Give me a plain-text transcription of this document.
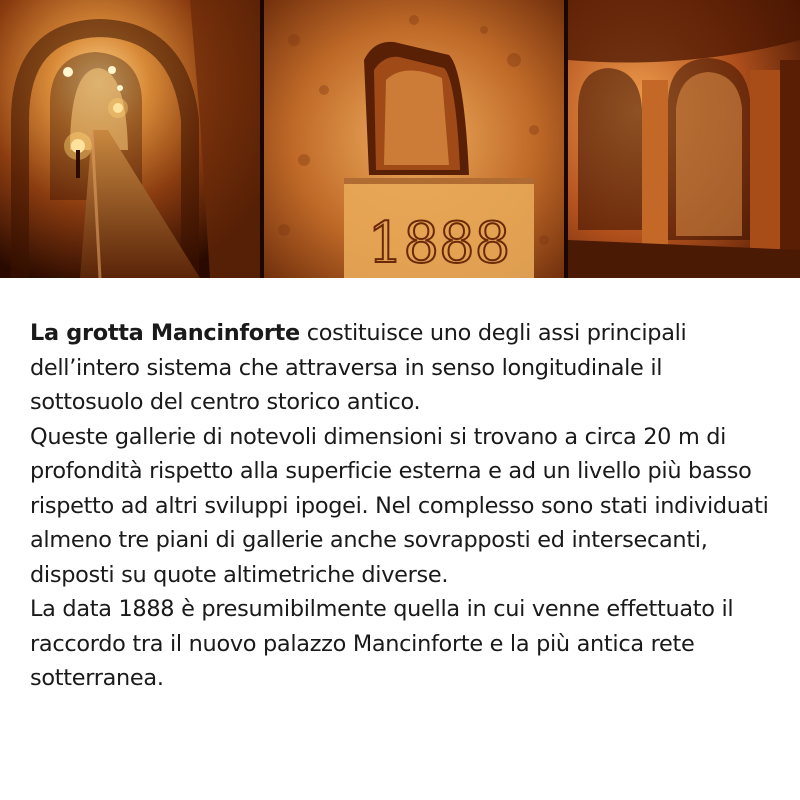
1888

La grotta Mancinforte costituisce uno degli assi principali dell’intero sistema che attraversa in senso longitudinale il sottosuolo del centro storico antico.

Queste gallerie di notevoli dimensioni si trovano a circa 20 m di profondità rispetto alla superficie esterna e ad un livello più basso rispetto ad altri sviluppi ipogei. Nel complesso sono stati individuati almeno tre piani di gallerie anche sovrapposti ed intersecanti, disposti su quote altimetriche diverse.

La data 1888 è presumibilmente quella in cui venne effettuato il raccordo tra il nuovo palazzo Mancinforte e la più antica rete sotterranea.
